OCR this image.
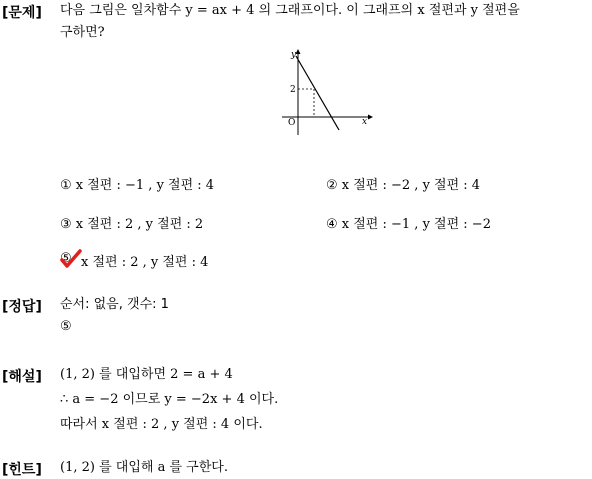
[문제] 다음 그림은 일차함수 y = ax + 4 의 그래프이다. 이 그래프의 x 절편과 y 절편을
구하면?
y
x
O
2
① x 절편 : −1 , y 절편 : 4	② x 절편 : −2 , y 절편 : 4
③ x 절편 : 2 , y 절편 : 2	④ x 절편 : −1 , y 절편 : −2
⑤ x 절편 : 2 , y 절편 : 4
[정답] 순서: 없음, 갯수: 1
⑤
[해설] (1, 2) 를 대입하면 2 = a + 4
∴ a = −2 이므로 y = −2x + 4 이다.
따라서 x 절편 : 2 , y 절편 : 4 이다.
[힌트] (1, 2) 를 대입해 a 를 구한다.
